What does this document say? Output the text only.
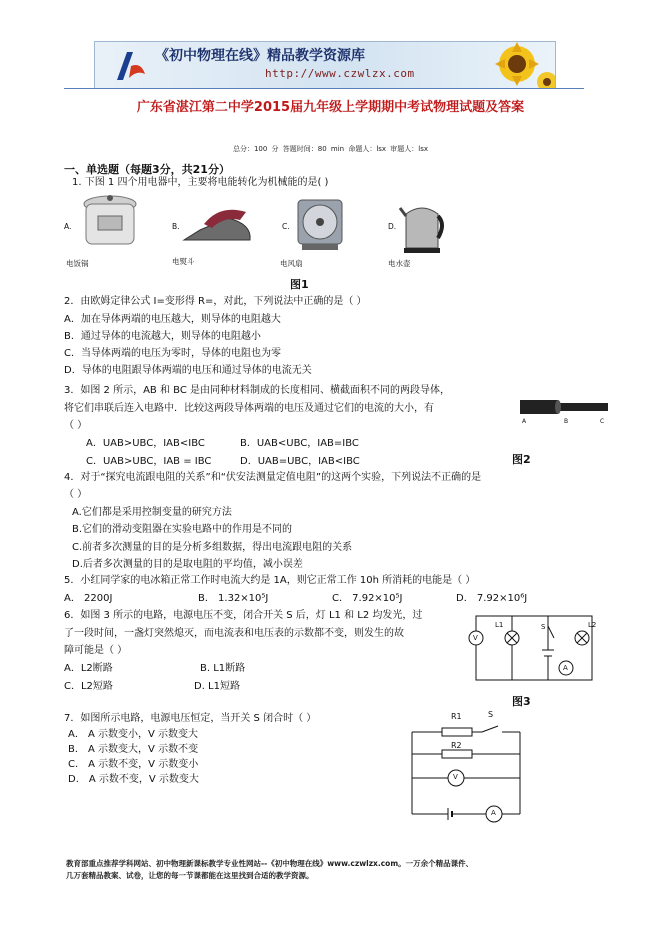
《初中物理在线》精品教学资源库
http://www.czwlzx.com
广东省湛江第二中学2015届九年级上学期期中考试物理试题及答案
总分：100 分 答题时间：80 min 命题人：lsx 审题人：lsx
一、单选题（每题3分，共21分）
1. 下图 1 四个用电器中，主要将电能转化为机械能的是( )
A.	B.	C.	D.
电饭锅	电熨斗	电风扇	电水壶
图1
2．由欧姆定律公式 I=变形得 R=，对此，下列说法中正确的是（ ）
A．加在导体两端的电压越大，则导体的电阻越大
B．通过导体的电流越大，则导体的电阻越小
C．当导体两端的电压为零时，导体的电阻也为零
D．导体的电阻跟导体两端的电压和通过导体的电流无关
3．如图 2 所示，AB 和 BC 是由同种材料制成的长度相同、横截面积不同的两段导体，
将它们串联后连入电路中．比较这两段导体两端的电压及通过它们的电流的大小，有
（ ）
A．UAB>UBC，IAB<IBC	B．UAB<UBC，IAB=IBC
C．UAB>UBC，IAB = IBC	D．UAB=UBC，IAB<IBC
A	B	C
图2
4．对于“探究电流跟电阻的关系”和“伏安法测量定值电阻”的这两个实验，下列说法不正确的是
（ ）
A.它们都是采用控制变量的研究方法
B.它们的滑动变阻器在实验电路中的作用是不同的
C.前者多次测量的目的是分析多组数据，得出电流跟电阻的关系
D.后者多次测量的目的是取电阻的平均值，减小误差
5．小红同学家的电冰箱正常工作时电流大约是 1A，则它正常工作 10h 所消耗的电能是（ ）
A． 2200J	B． 1.32×10⁵J	C． 7.92×10⁵J	D． 7.92×10⁶J
6．如图 3 所示的电路，电源电压不变，闭合开关 S 后，灯 L1 和 L2 均发光，过
了一段时间，一盏灯突然熄灭，而电流表和电压表的示数都不变，则发生的故
障可能是（ ）
A．L2断路	B. L1断路
C．L2短路	D. L1短路
V
L1	S	L2
A
图3
7．如图所示电路，电源电压恒定，当开关 S 闭合时（ ）
A． A 示数变小，V 示数变大
B． A 示数变大，V 示数不变
C． A 示数不变，V 示数变小
D． A 示数不变，V 示数变大
R1	S
R2
V
A
教育部重点推荐学科网站、初中物理新课标教学专业性网站--《初中物理在线》www.czwlzx.com。一万余个精品课件、
几万套精品教案、试卷，让您的每一节课都能在这里找到合适的教学资源。
